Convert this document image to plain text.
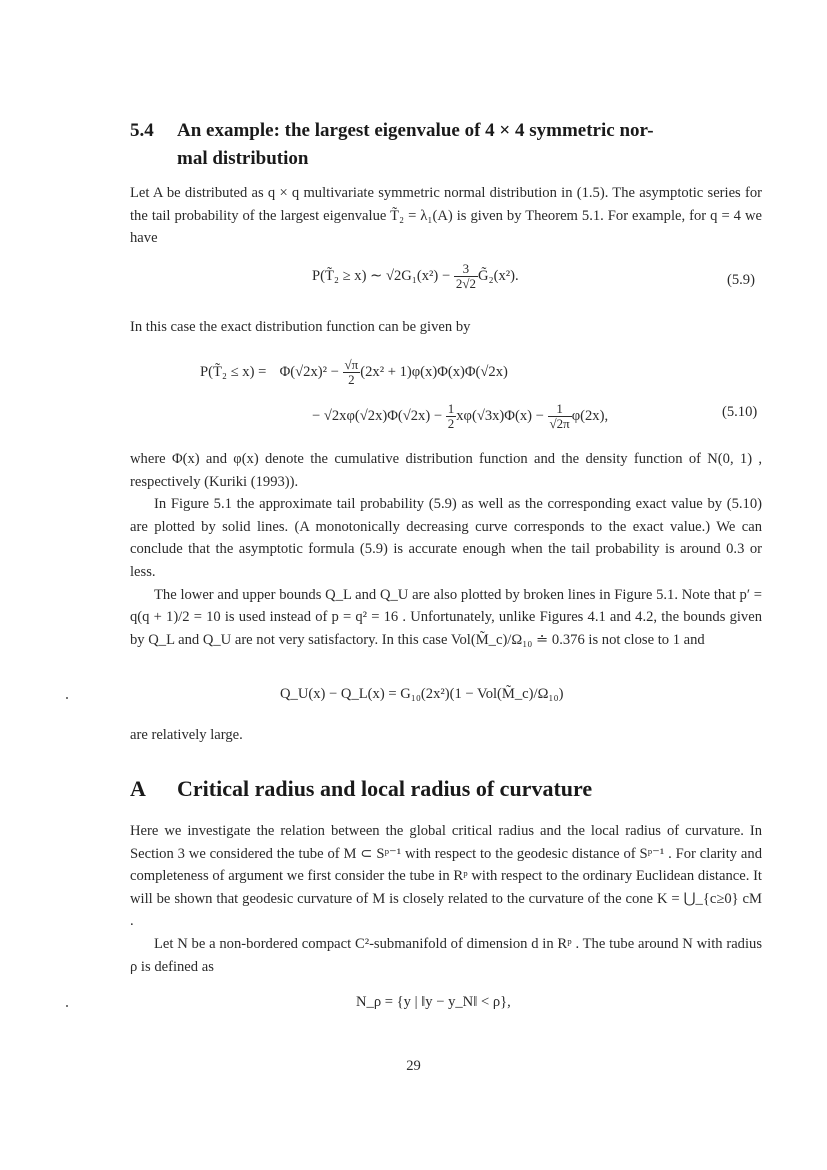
5.4 An example: the largest eigenvalue of 4 × 4 symmetric nor-
mal distribution

Let A be distributed as q × q multivariate symmetric normal distribution in (1.5). The asymptotic series for the tail probability of the largest eigenvalue T̃₂ = λ₁(A) is given by Theorem 5.1. For example, for q = 4 we have

P(T̃₂ ≥ x) ∼ $√2G_1(x^2) - \frac{3}{2√2}$ G̃₂(x²).	(5.9)

In this case the exact distribution function can be given by

P(T̃₂ ≤ $x) = \Phi(√2x)^2 - \frac{√\pi}{2} (2x^2 + 1)\varphi(x)\Phi(x)\Phi(√2x)$
− $√2x\varphi(√2x)\Phi(√2x) - \frac{1}{2} x\varphi(√3x)\Phi(x) - \frac{1}{√2\pi} \varphi(2x)$,	(5.10)

where Φ(x) and φ(x) denote the cumulative distribution function and the density function of N(0, 1) , respectively (Kuriki (1993)).

In Figure 5.1 the approximate tail probability (5.9) as well as the corresponding exact value by (5.10) are plotted by solid lines. (A monotonically decreasing curve corresponds to the exact value.) We can conclude that the asymptotic formula (5.9) is accurate enough when the tail probability is around 0.3 or less.

The lower and upper bounds Q_L and Q_U are also plotted by broken lines in Figure 5.1. Note that p′ = q(q + 1)/2 = 10 is used instead of p = q² = 16 . Unfortunately, unlike Figures 4.1 and 4.2, the bounds given by Q_L and Q_U are not very satisfactory. In this case Vol(M̃_c)/Ω₁₀ ≐ 0.376 is not close to 1 and

Q_U(x) − Q_L(x) = G₁₀(2x²)(1 − Vol(M̃_c)/Ω₁₀)

are relatively large.

A Critical radius and local radius of curvature

Here we investigate the relation between the global critical radius and the local radius of curvature. In Section 3 we considered the tube of M ⊂ Sᵖ⁻¹ with respect to the geodesic distance of Sᵖ⁻¹ . For clarity and completeness of argument we first consider the tube in Rᵖ with respect to the ordinary Euclidean distance. It will be shown that geodesic curvature of M is closely related to the curvature of the cone K = ⋃_{c≥0} cM .

Let N be a non-bordered compact C²-submanifold of dimension d in Rᵖ . The tube around N with radius ρ is defined as

N_ρ = {y | ‖y − y_N‖ < ρ},
29
